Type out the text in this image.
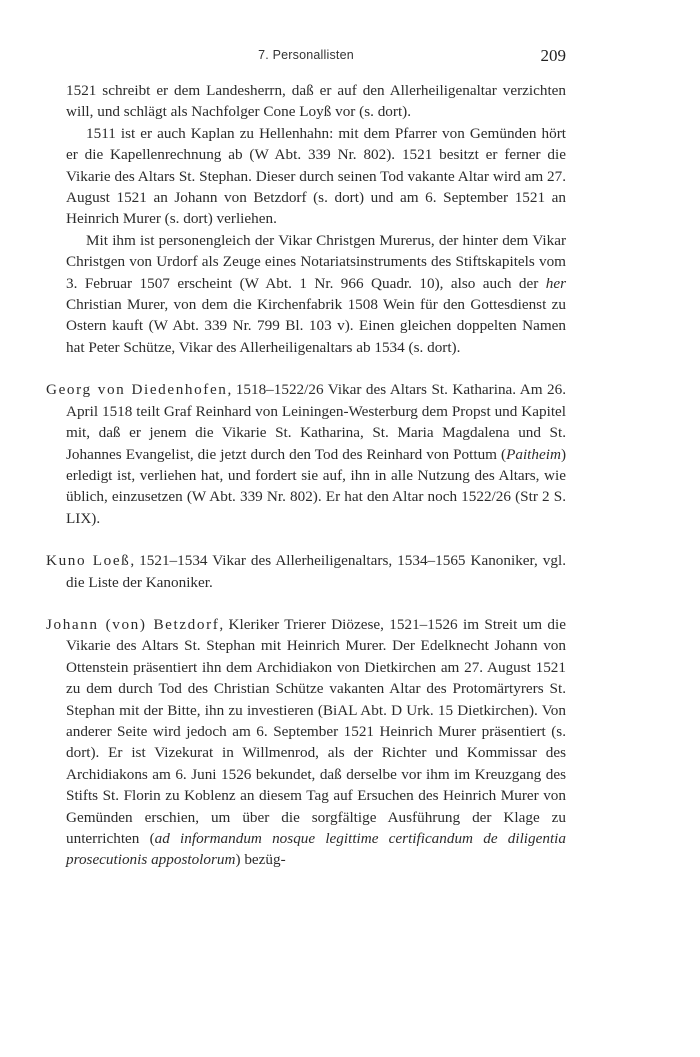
7. Personallisten	209

1521 schreibt er dem Landesherrn, daß er auf den Allerheiligenaltar verzichten will, und schlägt als Nachfolger Cone Loyß vor (s. dort).

1511 ist er auch Kaplan zu Hellenhahn: mit dem Pfarrer von Gemünden hört er die Kapellenrechnung ab (W Abt. 339 Nr. 802). 1521 besitzt er ferner die Vikarie des Altars St. Stephan. Dieser durch seinen Tod vakante Altar wird am 27. August 1521 an Johann von Betzdorf (s. dort) und am 6. September 1521 an Heinrich Murer (s. dort) verliehen.

Mit ihm ist personengleich der Vikar Christgen Murerus, der hinter dem Vikar Christgen von Urdorf als Zeuge eines Notariatsinstruments des Stiftskapitels vom 3. Februar 1507 erscheint (W Abt. 1 Nr. 966 Quadr. 10), also auch der her Christian Murer, von dem die Kirchenfabrik 1508 Wein für den Gottesdienst zu Ostern kauft (W Abt. 339 Nr. 799 Bl. 103 v). Einen gleichen doppelten Namen hat Peter Schütze, Vikar des Allerheiligenaltars ab 1534 (s. dort).

Georg von Diedenhofen, 1518–1522/26 Vikar des Altars St. Katharina. Am 26. April 1518 teilt Graf Reinhard von Leiningen-Westerburg dem Propst und Kapitel mit, daß er jenem die Vikarie St. Katharina, St. Maria Magdalena und St. Johannes Evangelist, die jetzt durch den Tod des Reinhard von Pottum (Paitheim) erledigt ist, verliehen hat, und fordert sie auf, ihn in alle Nutzung des Altars, wie üblich, einzusetzen (W Abt. 339 Nr. 802). Er hat den Altar noch 1522/26 (Str 2 S. LIX).

Kuno Loeß, 1521–1534 Vikar des Allerheiligenaltars, 1534–1565 Kanoniker, vgl. die Liste der Kanoniker.

Johann (von) Betzdorf, Kleriker Trierer Diözese, 1521–1526 im Streit um die Vikarie des Altars St. Stephan mit Heinrich Murer. Der Edelknecht Johann von Ottenstein präsentiert ihn dem Archidiakon von Dietkirchen am 27. August 1521 zu dem durch Tod des Christian Schütze vakanten Altar des Protomärtyrers St. Stephan mit der Bitte, ihn zu investieren (BiAL Abt. D Urk. 15 Dietkirchen). Von anderer Seite wird jedoch am 6. September 1521 Heinrich Murer präsentiert (s. dort). Er ist Vizekurat in Willmenrod, als der Richter und Kommissar des Archidiakons am 6. Juni 1526 bekundet, daß derselbe vor ihm im Kreuzgang des Stifts St. Florin zu Koblenz an diesem Tag auf Ersuchen des Heinrich Murer von Gemünden erschien, um über die sorgfältige Ausführung der Klage zu unterrichten (ad informandum nosque legittime certificandum de diligentia prosecutionis appostolorum) bezüg-
